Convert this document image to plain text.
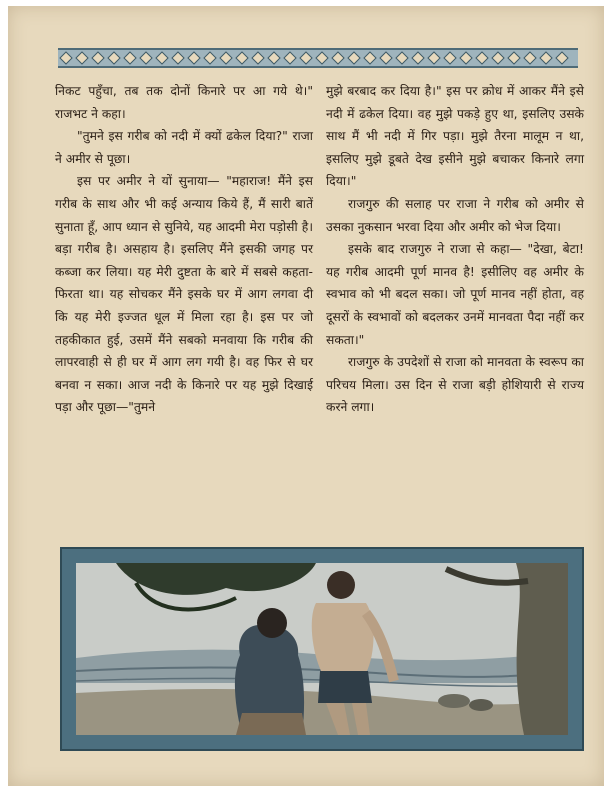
निकट पहुँचा, तब तक दोनों किनारे पर आ गये थे।" राजभट ने कहा।

"तुमने इस गरीब को नदी में क्यों ढकेल दिया?" राजा ने अमीर से पूछा।

इस पर अमीर ने यों सुनाया— "महाराज! मैंने इस गरीब के साथ और भी कई अन्याय किये हैं, मैं सारी बातें सुनाता हूँ, आप ध्यान से सुनिये, यह आदमी मेरा पड़ोसी है। बड़ा गरीब है। असहाय है। इसलिए मैंने इसकी जगह पर कब्जा कर लिया। यह मेरी दुष्टता के बारे में सबसे कहता-फिरता था। यह सोचकर मैंने इसके घर में आग लगवा दी कि यह मेरी इज्जत धूल में मिला रहा है। इस पर जो तहकीकात हुई, उसमें मैंने सबको मनवाया कि गरीब की लापरवाही से ही घर में आग लग गयी है। वह फिर से घर बनवा न सका। आज नदी के किनारे पर यह मुझे दिखाई पड़ा और पूछा—"तुमने

मुझे बरबाद कर दिया है।" इस पर क्रोध में आकर मैंने इसे नदी में ढकेल दिया। वह मुझे पकड़े हुए था, इसलिए उसके साथ मैं भी नदी में गिर पड़ा। मुझे तैरना मालूम न था, इसलिए मुझे डूबते देख इसीने मुझे बचाकर किनारे लगा दिया।"

राजगुरु की सलाह पर राजा ने गरीब को अमीर से उसका नुकसान भरवा दिया और अमीर को भेज दिया।

इसके बाद राजगुरु ने राजा से कहा— "देखा, बेटा! यह गरीब आदमी पूर्ण मानव है! इसीलिए वह अमीर के स्वभाव को भी बदल सका। जो पूर्ण मानव नहीं होता, वह दूसरों के स्वभावों को बदलकर उनमें मानवता पैदा नहीं कर सकता।"

राजगुरु के उपदेशों से राजा को मानवता के स्वरूप का परिचय मिला। उस दिन से राजा बड़ी होशियारी से राज्य करने लगा।
